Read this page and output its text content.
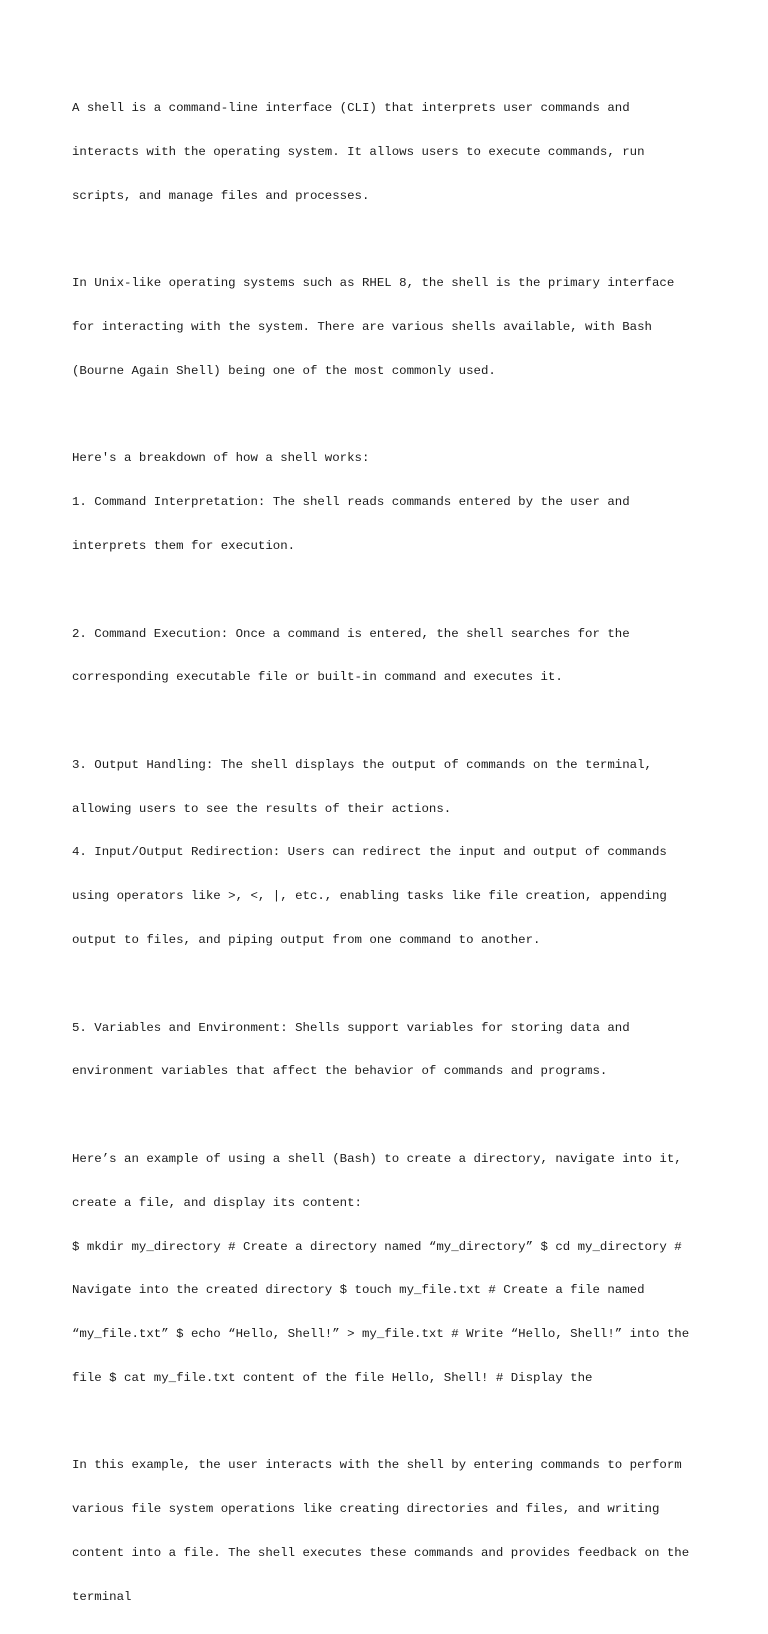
A shell is a command-line interface (CLI) that interprets user commands and

interacts with the operating system. It allows users to execute commands, run

scripts, and manage files and processes.

In Unix-like operating systems such as RHEL 8, the shell is the primary interface

for interacting with the system. There are various shells available, with Bash

(Bourne Again Shell) being one of the most commonly used.

Here's a breakdown of how a shell works:

1. Command Interpretation: The shell reads commands entered by the user and

interprets them for execution.

2. Command Execution: Once a command is entered, the shell searches for the

corresponding executable file or built-in command and executes it.

3. Output Handling: The shell displays the output of commands on the terminal,

allowing users to see the results of their actions.

4. Input/Output Redirection: Users can redirect the input and output of commands

using operators like >, <, |, etc., enabling tasks like file creation, appending

output to files, and piping output from one command to another.

5. Variables and Environment: Shells support variables for storing data and

environment variables that affect the behavior of commands and programs.

Here’s an example of using a shell (Bash) to create a directory, navigate into it,

create a file, and display its content:

$ mkdir my_directory # Create a directory named “my_directory” $ cd my_directory #

Navigate into the created directory $ touch my_file.txt # Create a file named

“my_file.txt” $ echo “Hello, Shell!” > my_file.txt # Write “Hello, Shell!” into the

file $ cat my_file.txt content of the file Hello, Shell! # Display the

In this example, the user interacts with the shell by entering commands to perform

various file system operations like creating directories and files, and writing

content into a file. The shell executes these commands and provides feedback on the

terminal
